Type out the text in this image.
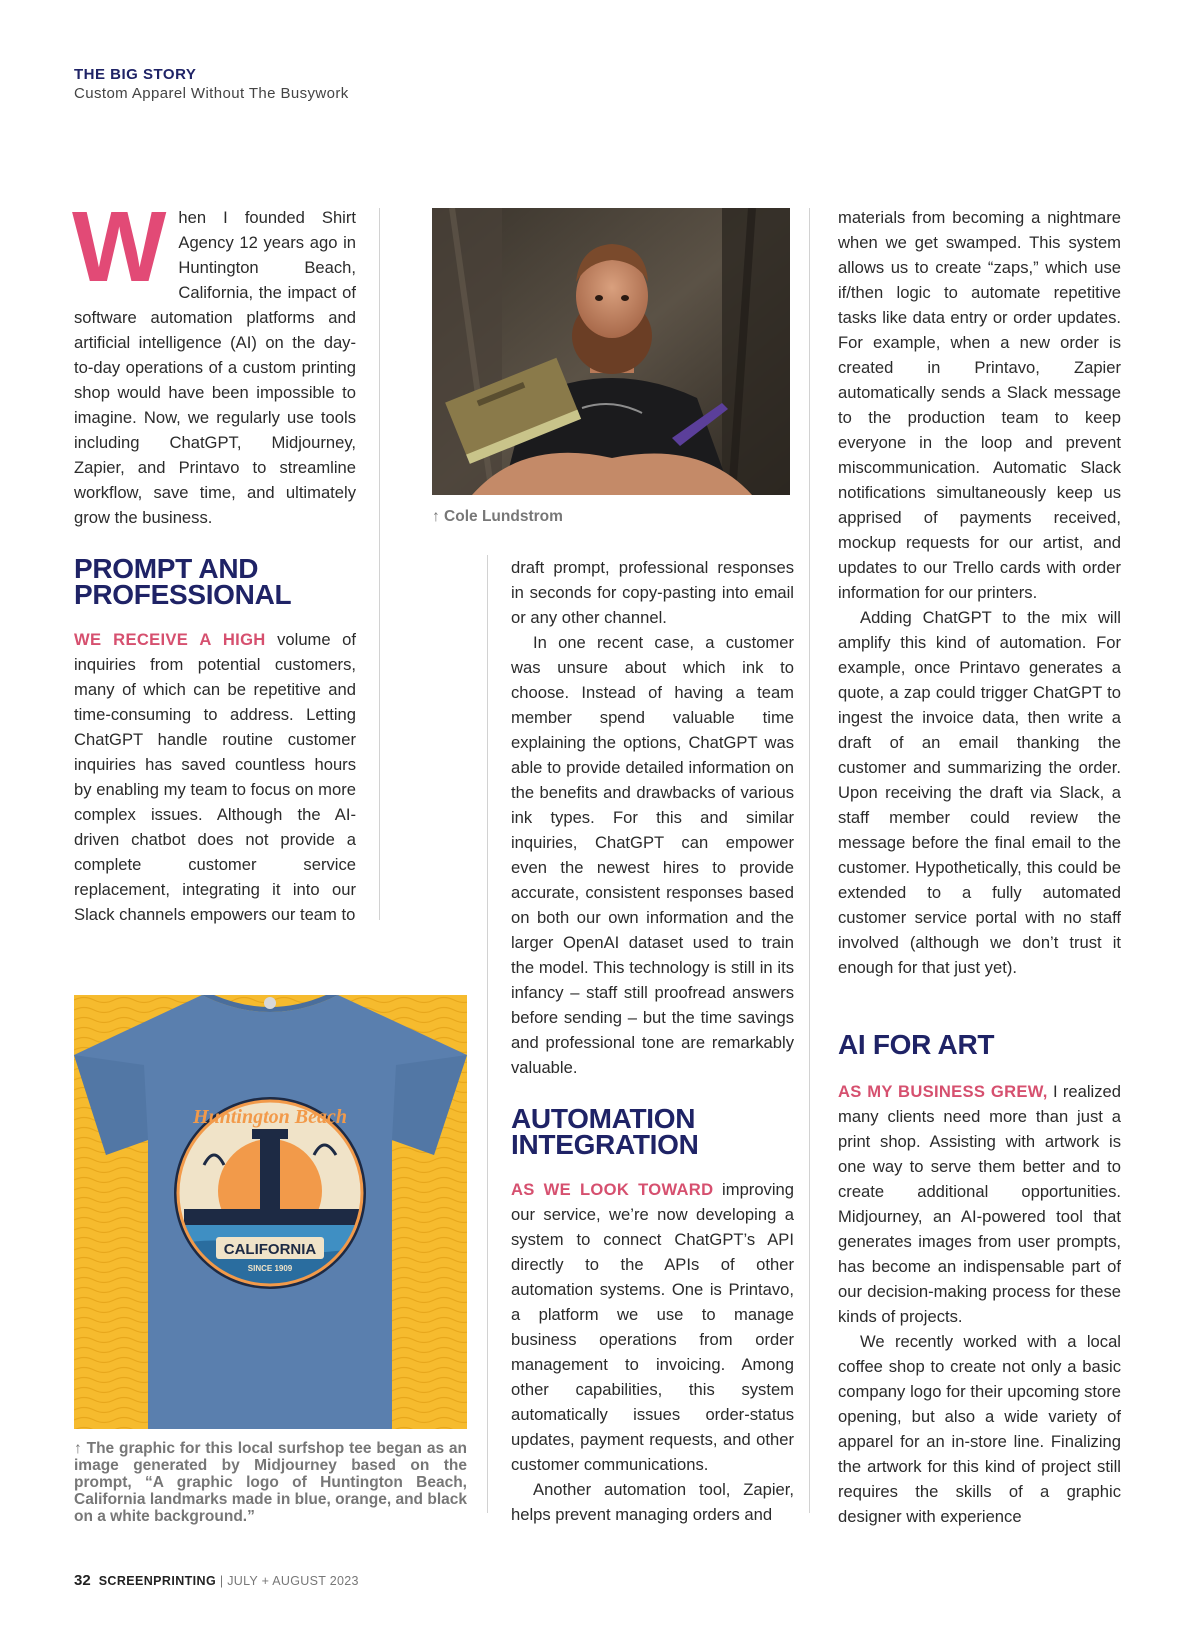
THE BIG STORY
Custom Apparel Without The Busywork

When I founded Shirt Agency 12 years ago in Huntington Beach, California, the impact of software automation platforms and artificial intelligence (AI) on the day-to-day operations of a custom printing shop would have been impossible to imagine. Now, we regularly use tools including ChatGPT, Midjourney, Zapier, and Printavo to streamline workflow, save time, and ultimately grow the business.

PROMPT AND
PROFESSIONAL

WE RECEIVE A HIGH volume of inquiries from potential customers, many of which can be repetitive and time-consuming to address. Letting ChatGPT handle routine customer inquiries has saved countless hours by enabling my team to focus on more complex issues. Although the AI-driven chatbot does not provide a complete customer service replacement, integrating it into our Slack channels empowers our team to

↑ Cole Lundstrom
Huntington Beach
CALIFORNIA
SINCE 1909
↑ The graphic for this local surfshop tee began as an image generated by Midjourney based on the prompt, “A graphic logo of Huntington Beach, California landmarks made in blue, orange, and black on a white background.”

draft prompt, professional responses in seconds for copy-pasting into email or any other channel.

In one recent case, a customer was unsure about which ink to choose. Instead of having a team member spend valuable time explaining the options, ChatGPT was able to provide detailed information on the benefits and drawbacks of various ink types. For this and similar inquiries, ChatGPT can empower even the newest hires to provide accurate, consistent responses based on both our own information and the larger OpenAI dataset used to train the model. This technology is still in its infancy – staff still proofread answers before sending – but the time savings and professional tone are remarkably valuable.

AUTOMATION
INTEGRATION

AS WE LOOK TOWARD improving our service, we’re now developing a system to connect ChatGPT’s API directly to the APIs of other automation systems. One is Printavo, a platform we use to manage business operations from order management to invoicing. Among other capabilities, this system automatically issues order-status updates, payment requests, and other customer communications.

Another automation tool, Zapier, helps prevent managing orders and

materials from becoming a nightmare when we get swamped. This system allows us to create “zaps,” which use if/then logic to automate repetitive tasks like data entry or order updates. For example, when a new order is created in Printavo, Zapier automatically sends a Slack message to the production team to keep everyone in the loop and prevent miscommunication. Automatic Slack notifications simultaneously keep us apprised of payments received, mockup requests for our artist, and updates to our Trello cards with order information for our printers.

Adding ChatGPT to the mix will amplify this kind of automation. For example, once Printavo generates a quote, a zap could trigger ChatGPT to ingest the invoice data, then write a draft of an email thanking the customer and summarizing the order. Upon receiving the draft via Slack, a staff member could review the message before the final email to the customer. Hypothetically, this could be extended to a fully automated customer service portal with no staff involved (although we don’t trust it enough for that just yet).

AI FOR ART

AS MY BUSINESS GREW, I realized many clients need more than just a print shop. Assisting with artwork is one way to serve them better and to create additional opportunities. Midjourney, an AI-powered tool that generates images from user prompts, has become an indispensable part of our decision-making process for these kinds of projects.

We recently worked with a local coffee shop to create not only a basic company logo for their upcoming store opening, but also a wide variety of apparel for an in-store line. Finalizing the artwork for this kind of project still requires the skills of a graphic designer with experience

32 SCREENPRINTING | JULY + AUGUST 2023
